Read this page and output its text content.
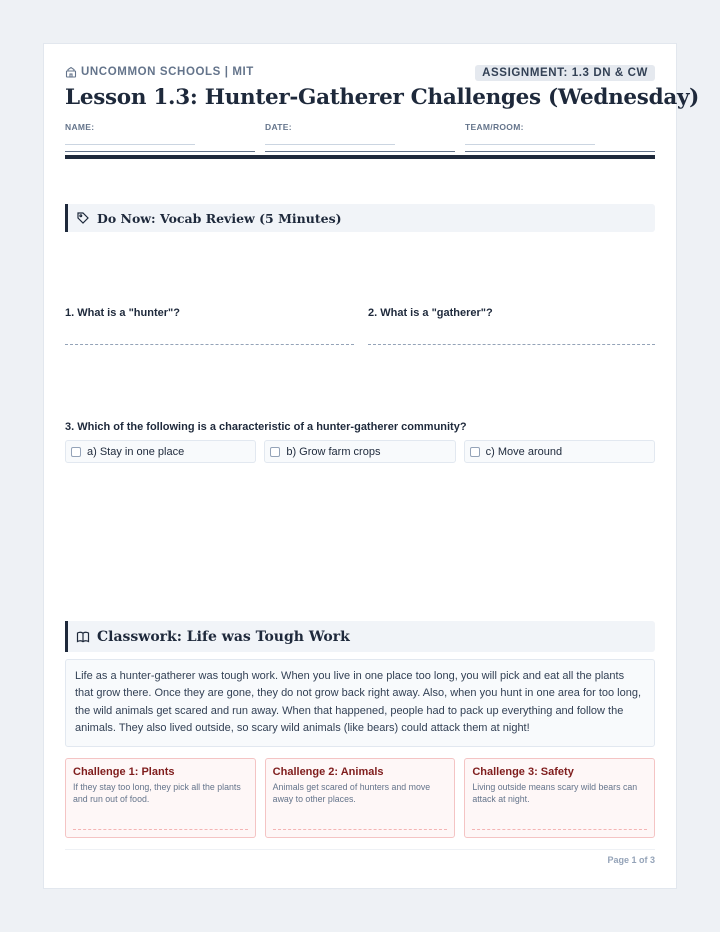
UNCOMMON SCHOOLS | MIT	ASSIGNMENT: 1.3 DN & CW
Lesson 1.3: Hunter-Gatherer Challenges (Wednesday)
NAME:	DATE:	TEAM/ROOM:
Do Now: Vocab Review (5 Minutes)
1. What is a "hunter"?	2. What is a "gatherer"?
3. Which of the following is a characteristic of a hunter-gatherer community?
a) Stay in one place	b) Grow farm crops	c) Move around
Classwork: Life was Tough Work
Life as a hunter-gatherer was tough work. When you live in one place too long, you will pick and eat all the plants that grow there. Once they are gone, they do not grow back right away. Also, when you hunt in one area for too long, the wild animals get scared and run away. When that happened, people had to pack up everything and follow the animals. They also lived outside, so scary wild animals (like bears) could attack them at night!
Challenge 1: Plants
If they stay too long, they pick all the plants and run out of food.
Challenge 2: Animals
Animals get scared of hunters and move away to other places.
Challenge 3: Safety
Living outside means scary wild bears can attack at night.
Page 1 of 3
